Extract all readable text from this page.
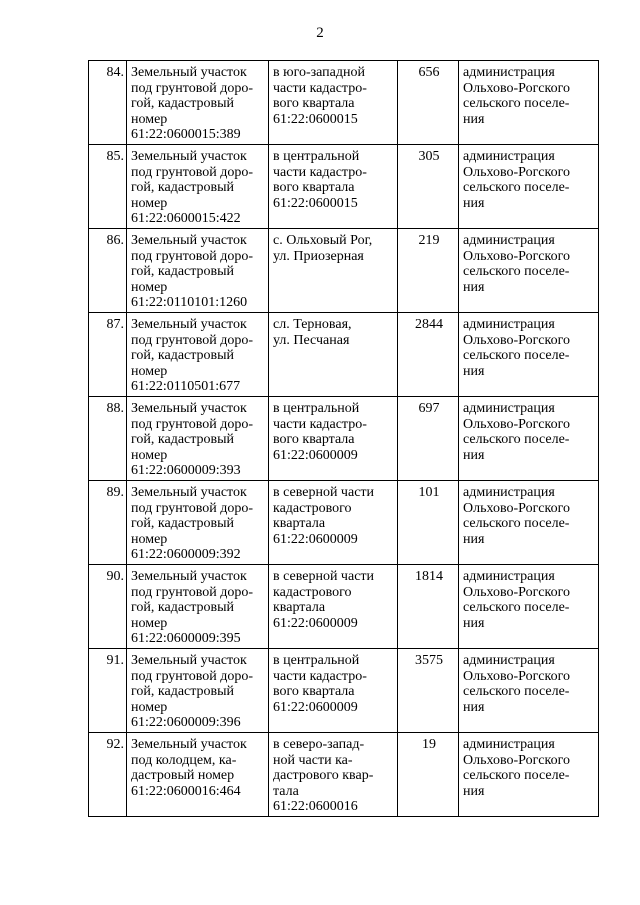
2
84.	Земельный участок
под грунтовой доро-
гой, кадастровый
номер
61:22:0600015:389	в юго-западной
части кадастро-
вого квартала
61:22:0600015	656	администрация
Ольхово-Рогского
сельского поселе-
ния
85.	Земельный участок
под грунтовой доро-
гой, кадастровый
номер
61:22:0600015:422	в центральной
части кадастро-
вого квартала
61:22:0600015	305	администрация
Ольхово-Рогского
сельского поселе-
ния
86.	Земельный участок
под грунтовой доро-
гой, кадастровый
номер
61:22:0110101:1260	с. Ольховый Рог,
ул. Приозерная	219	администрация
Ольхово-Рогского
сельского поселе-
ния
87.	Земельный участок
под грунтовой доро-
гой, кадастровый
номер
61:22:0110501:677	сл. Терновая,
ул. Песчаная	2844	администрация
Ольхово-Рогского
сельского поселе-
ния
88.	Земельный участок
под грунтовой доро-
гой, кадастровый
номер
61:22:0600009:393	в центральной
части кадастро-
вого квартала
61:22:0600009	697	администрация
Ольхово-Рогского
сельского поселе-
ния
89.	Земельный участок
под грунтовой доро-
гой, кадастровый
номер
61:22:0600009:392	в северной части
кадастрового
квартала
61:22:0600009	101	администрация
Ольхово-Рогского
сельского поселе-
ния
90.	Земельный участок
под грунтовой доро-
гой, кадастровый
номер
61:22:0600009:395	в северной части
кадастрового
квартала
61:22:0600009	1814	администрация
Ольхово-Рогского
сельского поселе-
ния
91.	Земельный участок
под грунтовой доро-
гой, кадастровый
номер
61:22:0600009:396	в центральной
части кадастро-
вого квартала
61:22:0600009	3575	администрация
Ольхово-Рогского
сельского поселе-
ния
92.	Земельный участок
под колодцем, ка-
дастровый номер
61:22:0600016:464	в северо-запад-
ной части ка-
дастрового квар-
тала
61:22:0600016	19	администрация
Ольхово-Рогского
сельского поселе-
ния
